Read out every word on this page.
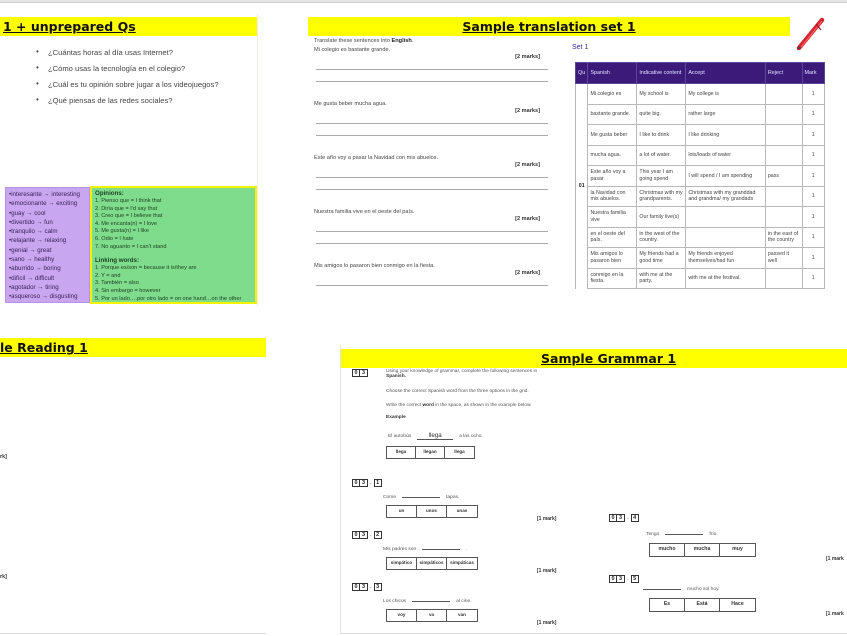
1 + unprepared Qs
• ¿Cuántas horas al día usas Internet?
• ¿Cómo usas la tecnología en el colegio?
• ¿Cuál es tu opinión sobre jugar a los videojuegos?
• ¿Qué piensas de las redes sociales?
•interesante → interesting
•emocionante → exciting
•guay → cool
•divertido → fun
•tranquilo → calm
•relajante → relaxing
•genial → great
•sano → healthy
•aburrido → boring
•difícil → difficult
•agotador → tiring
•asqueroso → disgusting
Opinions:
1. Pienso que = I think that
2. Diría que = I'd say that
3. Creo que = I believe that
4. Me encanta(n) = I love
5. Me gusta(n) = I like
6. Odio = I hate
7. No aguanto = I can't stand
Linking words:
1. Porque es/son = because it is/they are
2. Y = and
3. También = also
4. Sin embargo = however
5. Por un lado….por otro lado = on one hand…on the other
Sample translation set 1
Translate these sentences into English.
Mi colegio es bastante grande.
[2 marks]
Me gusta beber mucha agua.
[2 marks]
Este año voy a pasar la Navidad con mis abuelos.
[2 marks]
Nuestra familia vive en el oeste del país.
[2 marks]
Mis amigos lo pasaron bien conmigo en la fiesta.
[2 marks]
Set 1
Qu	Spanish	Indicative content	Accept	Reject	Mark
01	Mi colegio es	My school is	My college is		1
	bastante grande.	quite big.	rather large		1
	Me gusta beber	I like to drink	I like drinking		1
	mucha agua.	a lot of water.	lots/loads of water		1
	Este año voy a pasar	This year I am going spend	I will spend / I am spending	pass	1
	la Navidad con mis abuelos.	Christmas with my grandparents.	Christmas with my granddad and grandma/ my grandads		1
	Nuestra familia vive	Our family live(s)			1
	en el oeste del país.	in the west of the country.		in the east of the country	1
	Mis amigos lo pasaron bien	My friends had a good time	My friends enjoyed themselves/had fun	passed it well	1
	conmigo en la fiesta.	with me at the party.	with me at the festival.		1
le Reading 1
rk]
rk]
Sample Grammar 1
0 3	Using your knowledge of grammar, complete the following sentences in
Spanish.
Choose the correct Spanish word from the three options in the grid.
Write the correct word in the space, as shown in the example below.
Example
El autobús	llega	a las ocho.
llega	llegan	llega
0 3 . 1
Come	tapas.
un	unos	unas
[1 mark]
0 3 . 2
Mis padres son	.
simpático	simpáticos	simpáticas
[1 mark]
0 3 . 3
Los chicos	al cine.
voy	va	van
[1 mark]
0 3 . 4
Tengo	frío.
mucho	mucha	muy
[1 mark
0 3 . 5
mucho sol hoy.
Es	Está	Hace
[1 mark
